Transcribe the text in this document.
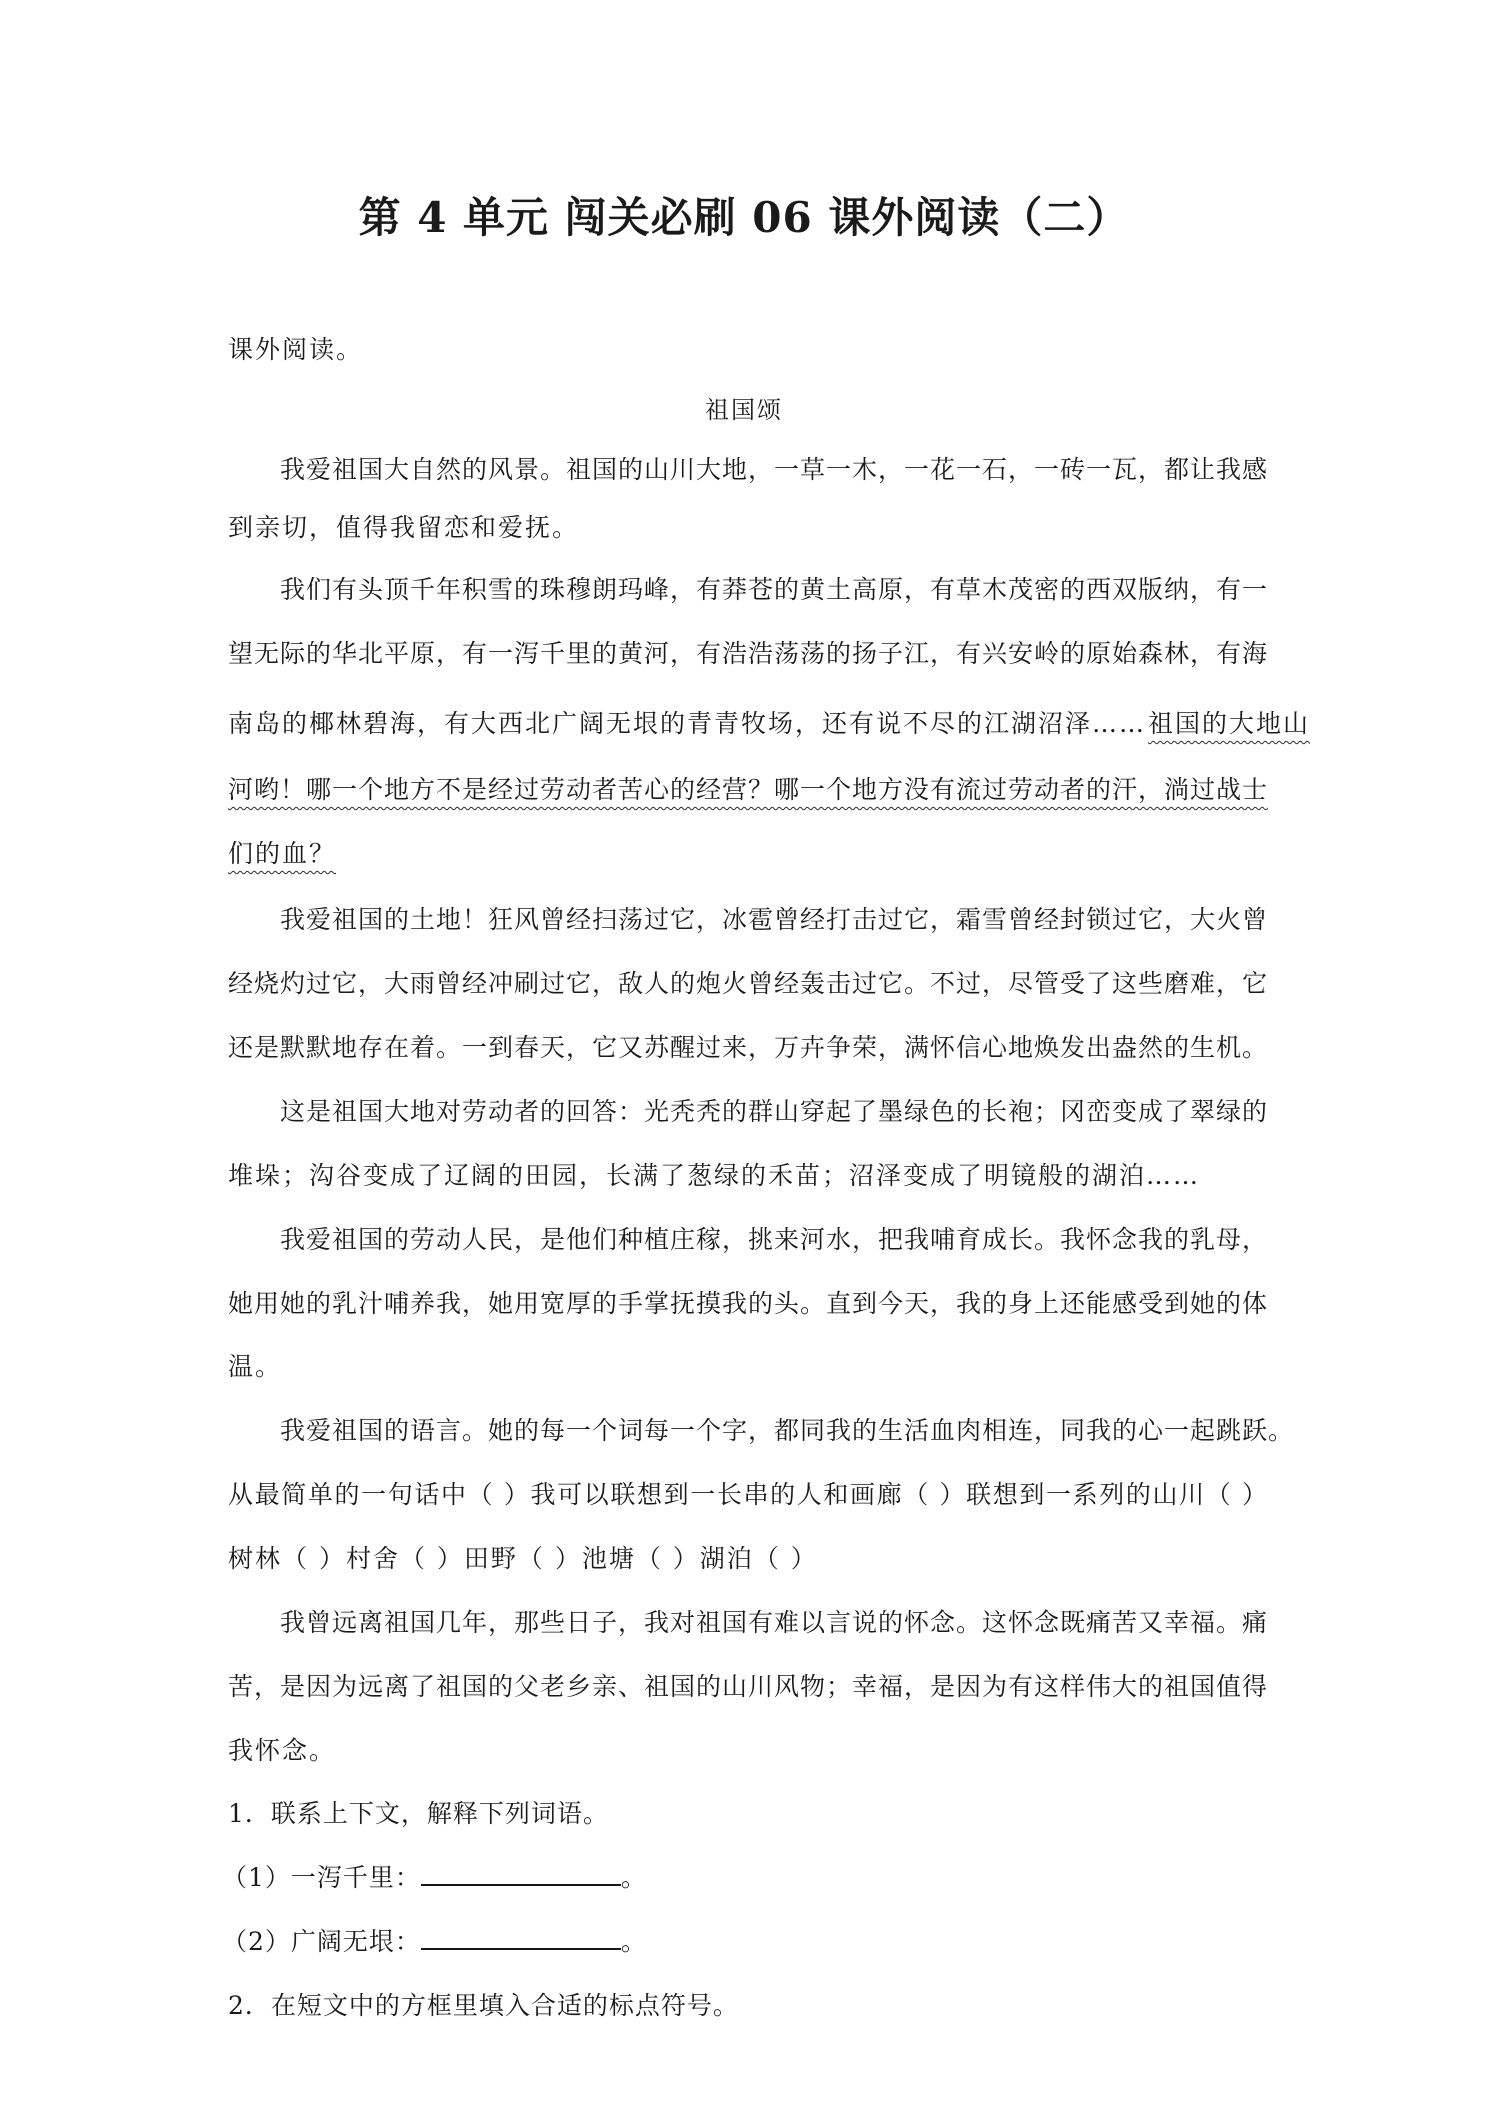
第 4 单元 闯关必刷 06 课外阅读（二）
课外阅读。
祖国颂
我爱祖国大自然的风景。祖国的山川大地，一草一木，一花一石，一砖一瓦，都让我感
到亲切，值得我留恋和爱抚。
我们有头顶千年积雪的珠穆朗玛峰，有莽苍的黄土高原，有草木茂密的西双版纳，有一
望无际的华北平原，有一泻千里的黄河，有浩浩荡荡的扬子江，有兴安岭的原始森林，有海
南岛的椰林碧海，有大西北广阔无垠的青青牧场，还有说不尽的江湖沼泽…… 祖国的大地山
河哟！哪一个地方不是经过劳动者苦心的经营？哪一个地方没有流过劳动者的汗，淌过战士
们的血？
我爱祖国的土地！狂风曾经扫荡过它，冰雹曾经打击过它，霜雪曾经封锁过它，大火曾
经烧灼过它，大雨曾经冲刷过它，敌人的炮火曾经轰击过它。不过，尽管受了这些磨难，它
还是默默地存在着。一到春天，它又苏醒过来，万卉争荣，满怀信心地焕发出盎然的生机。
这是祖国大地对劳动者的回答：光秃秃的群山穿起了墨绿色的长袍；冈峦变成了翠绿的
堆垛；沟谷变成了辽阔的田园，长满了葱绿的禾苗；沼泽变成了明镜般的湖泊……
我爱祖国的劳动人民，是他们种植庄稼，挑来河水，把我哺育成长。我怀念我的乳母，
她用她的乳汁哺养我，她用宽厚的手掌抚摸我的头。直到今天，我的身上还能感受到她的体
温。
我爱祖国的语言。她的每一个词每一个字，都同我的生活血肉相连，同我的心一起跳跃。
从最简单的一句话中（ ）我可以联想到一长串的人和画廊（ ）联想到一系列的山川（ ）
树林（ ）村舍（ ）田野（ ）池塘（ ）湖泊（ ）
我曾远离祖国几年，那些日子，我对祖国有难以言说的怀念。这怀念既痛苦又幸福。痛
苦，是因为远离了祖国的父老乡亲、祖国的山川风物；幸福，是因为有这样伟大的祖国值得
我怀念。
1．联系上下文，解释下列词语。
（1）一泻千里：	。
（2）广阔无垠：	。
2．在短文中的方框里填入合适的标点符号。
